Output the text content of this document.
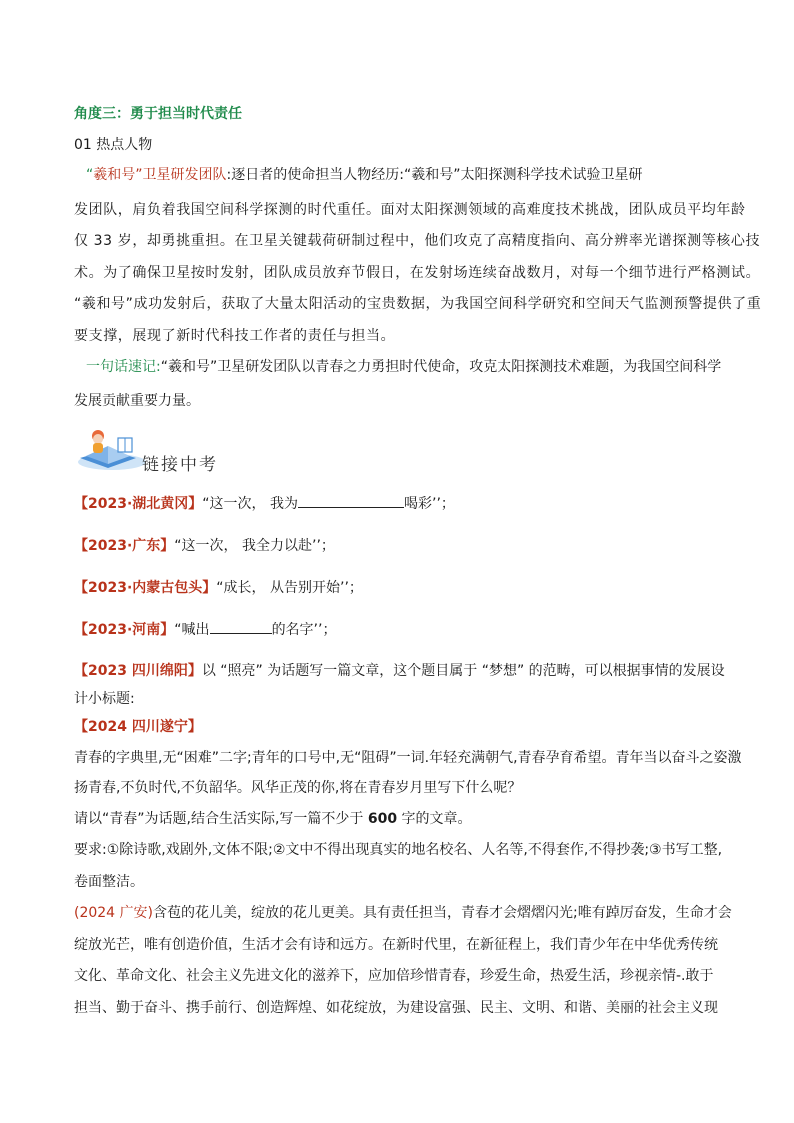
角度三：勇于担当时代责任
01 热点人物
“羲和号”卫星研发团队:逐日者的使命担当人物经历:“羲和号”太阳探测科学技术试验卫星研
发团队，肩负着我国空间科学探测的时代重任。面对太阳探测领域的高难度技术挑战，团队成员平均年龄
仅 33 岁，却勇挑重担。在卫星关键载荷研制过程中，他们攻克了高精度指向、高分辨率光谱探测等核心技
术。为了确保卫星按时发射，团队成员放弃节假日，在发射场连续奋战数月，对每一个细节进行严格测试。
“羲和号”成功发射后，获取了大量太阳活动的宝贵数据，为我国空间科学研究和空间天气监测预警提供了重
要支撑，展现了新时代科技工作者的责任与担当。
一句话速记:“羲和号”卫星研发团队以青春之力勇担时代使命，攻克太阳探测技术难题，为我国空间科学
发展贡献重要力量。
链接中考
【2023·湖北黄冈】“这一次， 我为	喝彩’’；
【2023·广东】“这一次， 我全力以赴’’；
【2023·内蒙古包头】“成长， 从告别开始’’；
【2023·河南】“喊出	的名字’’；
【2023 四川绵阳】以 “照亮” 为话题写一篇文章，这个题目属于 “梦想” 的范畴，可以根据事情的发展设
计小标题:
【2024 四川遂宁】
青春的字典里,无“困难”二字;青年的口号中,无“阻碍”一词.年轻充满朝气,青春孕育希望。青年当以奋斗之姿激
扬青春,不负时代,不负韶华。风华正茂的你,将在青春岁月里写下什么呢？
请以“青春”为话题,结合生活实际,写一篇不少于 600 字的文章。
要求:①除诗歌,戏剧外,文体不限;②文中不得出现真实的地名校名、人名等,不得套作,不得抄袭;③书写工整,
卷面整洁。
(2024 广安)含苞的花儿美，绽放的花儿更美。具有责任担当，青春才会熠熠闪光;唯有踔厉奋发，生命才会
绽放光芒，唯有创造价值，生活才会有诗和远方。在新时代里，在新征程上，我们青少年在中华优秀传统
文化、革命文化、社会主义先进文化的滋养下，应加倍珍惜青春，珍爱生命，热爱生活，珍视亲情-.敢于
担当、勤于奋斗、携手前行、创造辉煌、如花绽放，为建设富强、民主、文明、和谐、美丽的社会主义现
